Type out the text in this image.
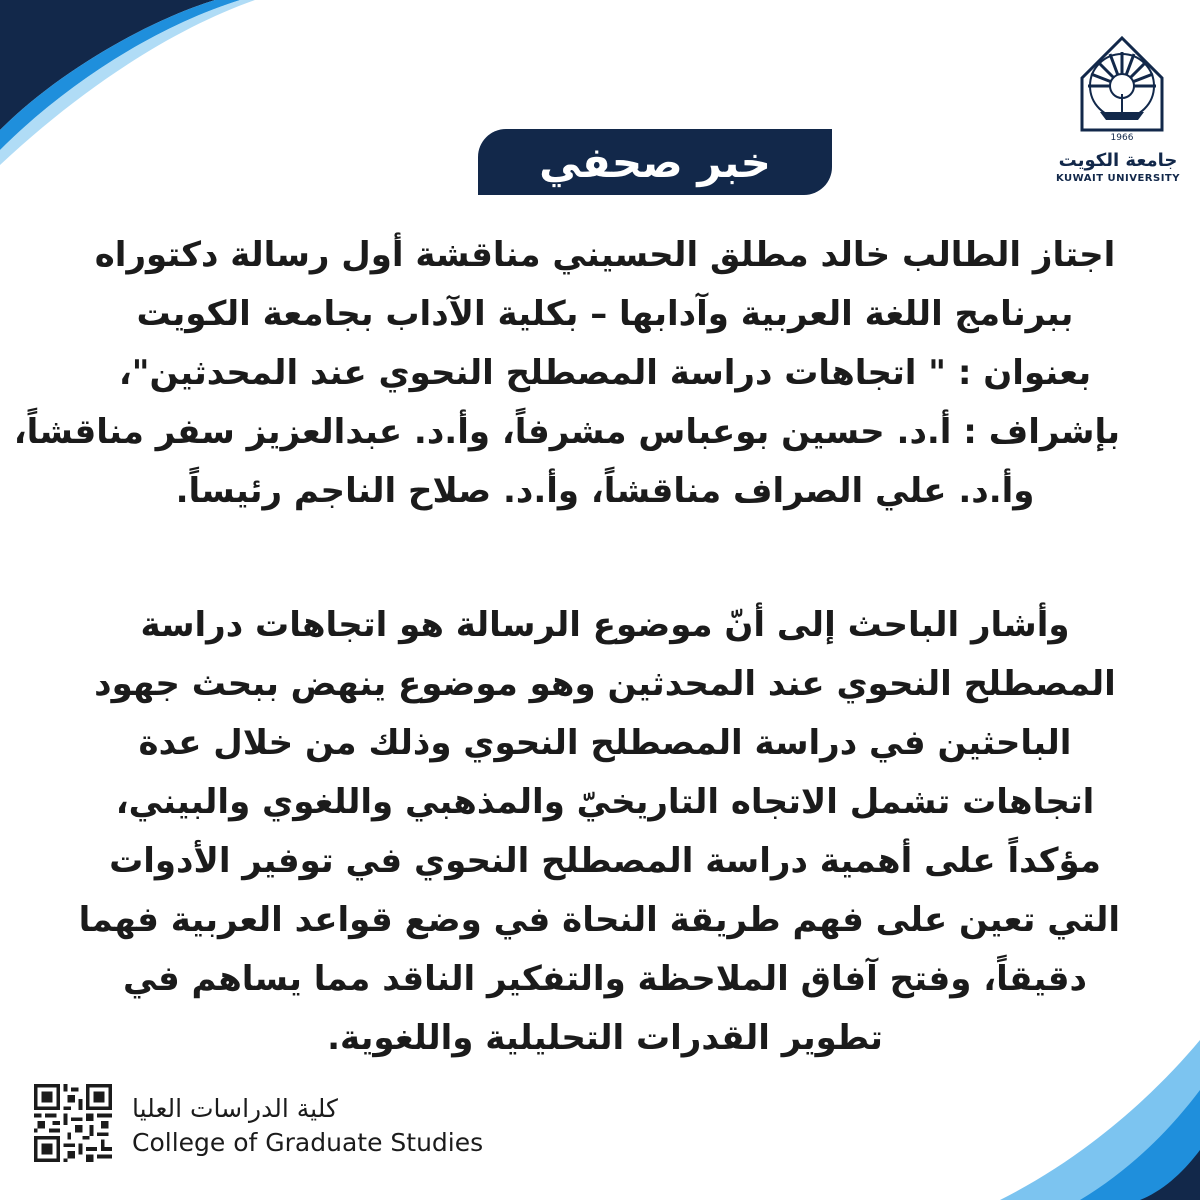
خبر صحفي	1966
جامعة الكويت
KUWAIT UNIVERSITY
اجتاز الطالب خالد مطلق الحسيني مناقشة أول رسالة دكتوراه
ببرنامج اللغة العربية وآدابها – بكلية الآداب بجامعة الكويت
بعنوان : " اتجاهات دراسة المصطلح النحوي عند المحدثين"،
بإشراف : أ.د. حسين بوعباس مشرفاً، وأ.د. عبدالعزيز سفر مناقشاً،
وأ.د. علي الصراف مناقشاً، وأ.د. صلاح الناجم رئيساً.
وأشار الباحث إلى أنّ موضوع الرسالة هو اتجاهات دراسة
المصطلح النحوي عند المحدثين وهو موضوع ينهض ببحث جهود
الباحثين في دراسة المصطلح النحوي وذلك من خلال عدة
اتجاهات تشمل الاتجاه التاريخيّ والمذهبي واللغوي والبيني،
مؤكداً على أهمية دراسة المصطلح النحوي في توفير الأدوات
التي تعين على فهم طريقة النحاة في وضع قواعد العربية فهما
دقيقاً، وفتح آفاق الملاحظة والتفكير الناقد مما يساهم في
تطوير القدرات التحليلية واللغوية.
كلية الدراسات العليا
College of Graduate Studies
